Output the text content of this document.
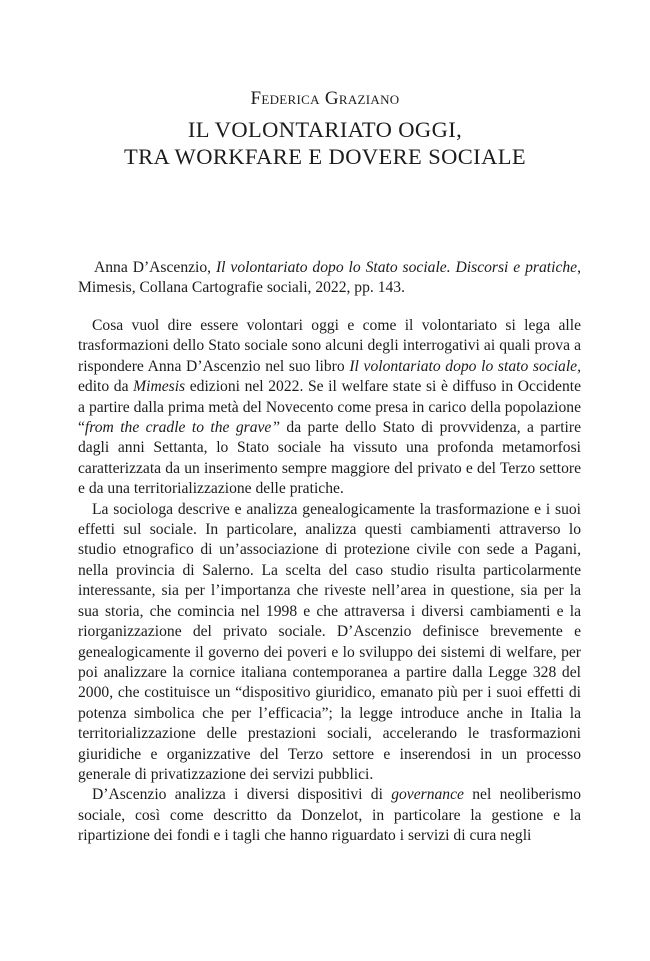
Federica Graziano
IL VOLONTARIATO OGGI,
TRA WORKFARE E DOVERE SOCIALE

Anna D’Ascenzio, Il volontariato dopo lo Stato sociale. Discorsi e pratiche, Mimesis, Collana Cartografie sociali, 2022, pp. 143.

Cosa vuol dire essere volontari oggi e come il volontariato si lega alle trasformazioni dello Stato sociale sono alcuni degli interrogativi ai quali prova a rispondere Anna D’Ascenzio nel suo libro Il volontariato dopo lo stato sociale, edito da Mimesis edizioni nel 2022. Se il welfare state si è diffuso in Occidente a partire dalla prima metà del Novecento come presa in carico della popolazione “from the cradle to the grave” da parte dello Stato di provvidenza, a partire dagli anni Settanta, lo Stato sociale ha vissuto una profonda metamorfosi caratterizzata da un inserimento sempre maggiore del privato e del Terzo settore e da una territorializzazione delle pratiche.

La sociologa descrive e analizza genealogicamente la trasformazione e i suoi effetti sul sociale. In particolare, analizza questi cambiamenti attraverso lo studio etnografico di un’associazione di protezione civile con sede a Pagani, nella provincia di Salerno. La scelta del caso studio risulta particolarmente interessante, sia per l’importanza che riveste nell’area in questione, sia per la sua storia, che comincia nel 1998 e che attraversa i diversi cambiamenti e la riorganizzazione del privato sociale. D’Ascenzio definisce brevemente e genealogicamente il governo dei poveri e lo sviluppo dei sistemi di welfare, per poi analizzare la cornice italiana contemporanea a partire dalla Legge 328 del 2000, che costituisce un “dispositivo giuridico, emanato più per i suoi effetti di potenza simbolica che per l’efficacia”; la legge introduce anche in Italia la territorializzazione delle prestazioni sociali, accelerando le trasformazioni giuridiche e organizzative del Terzo settore e inserendosi in un processo generale di privatizzazione dei servizi pubblici.

D’Ascenzio analizza i diversi dispositivi di governance nel neoliberismo sociale, così come descritto da Donzelot, in particolare la gestione e la ripartizione dei fondi e i tagli che hanno riguardato i servizi di cura negli
